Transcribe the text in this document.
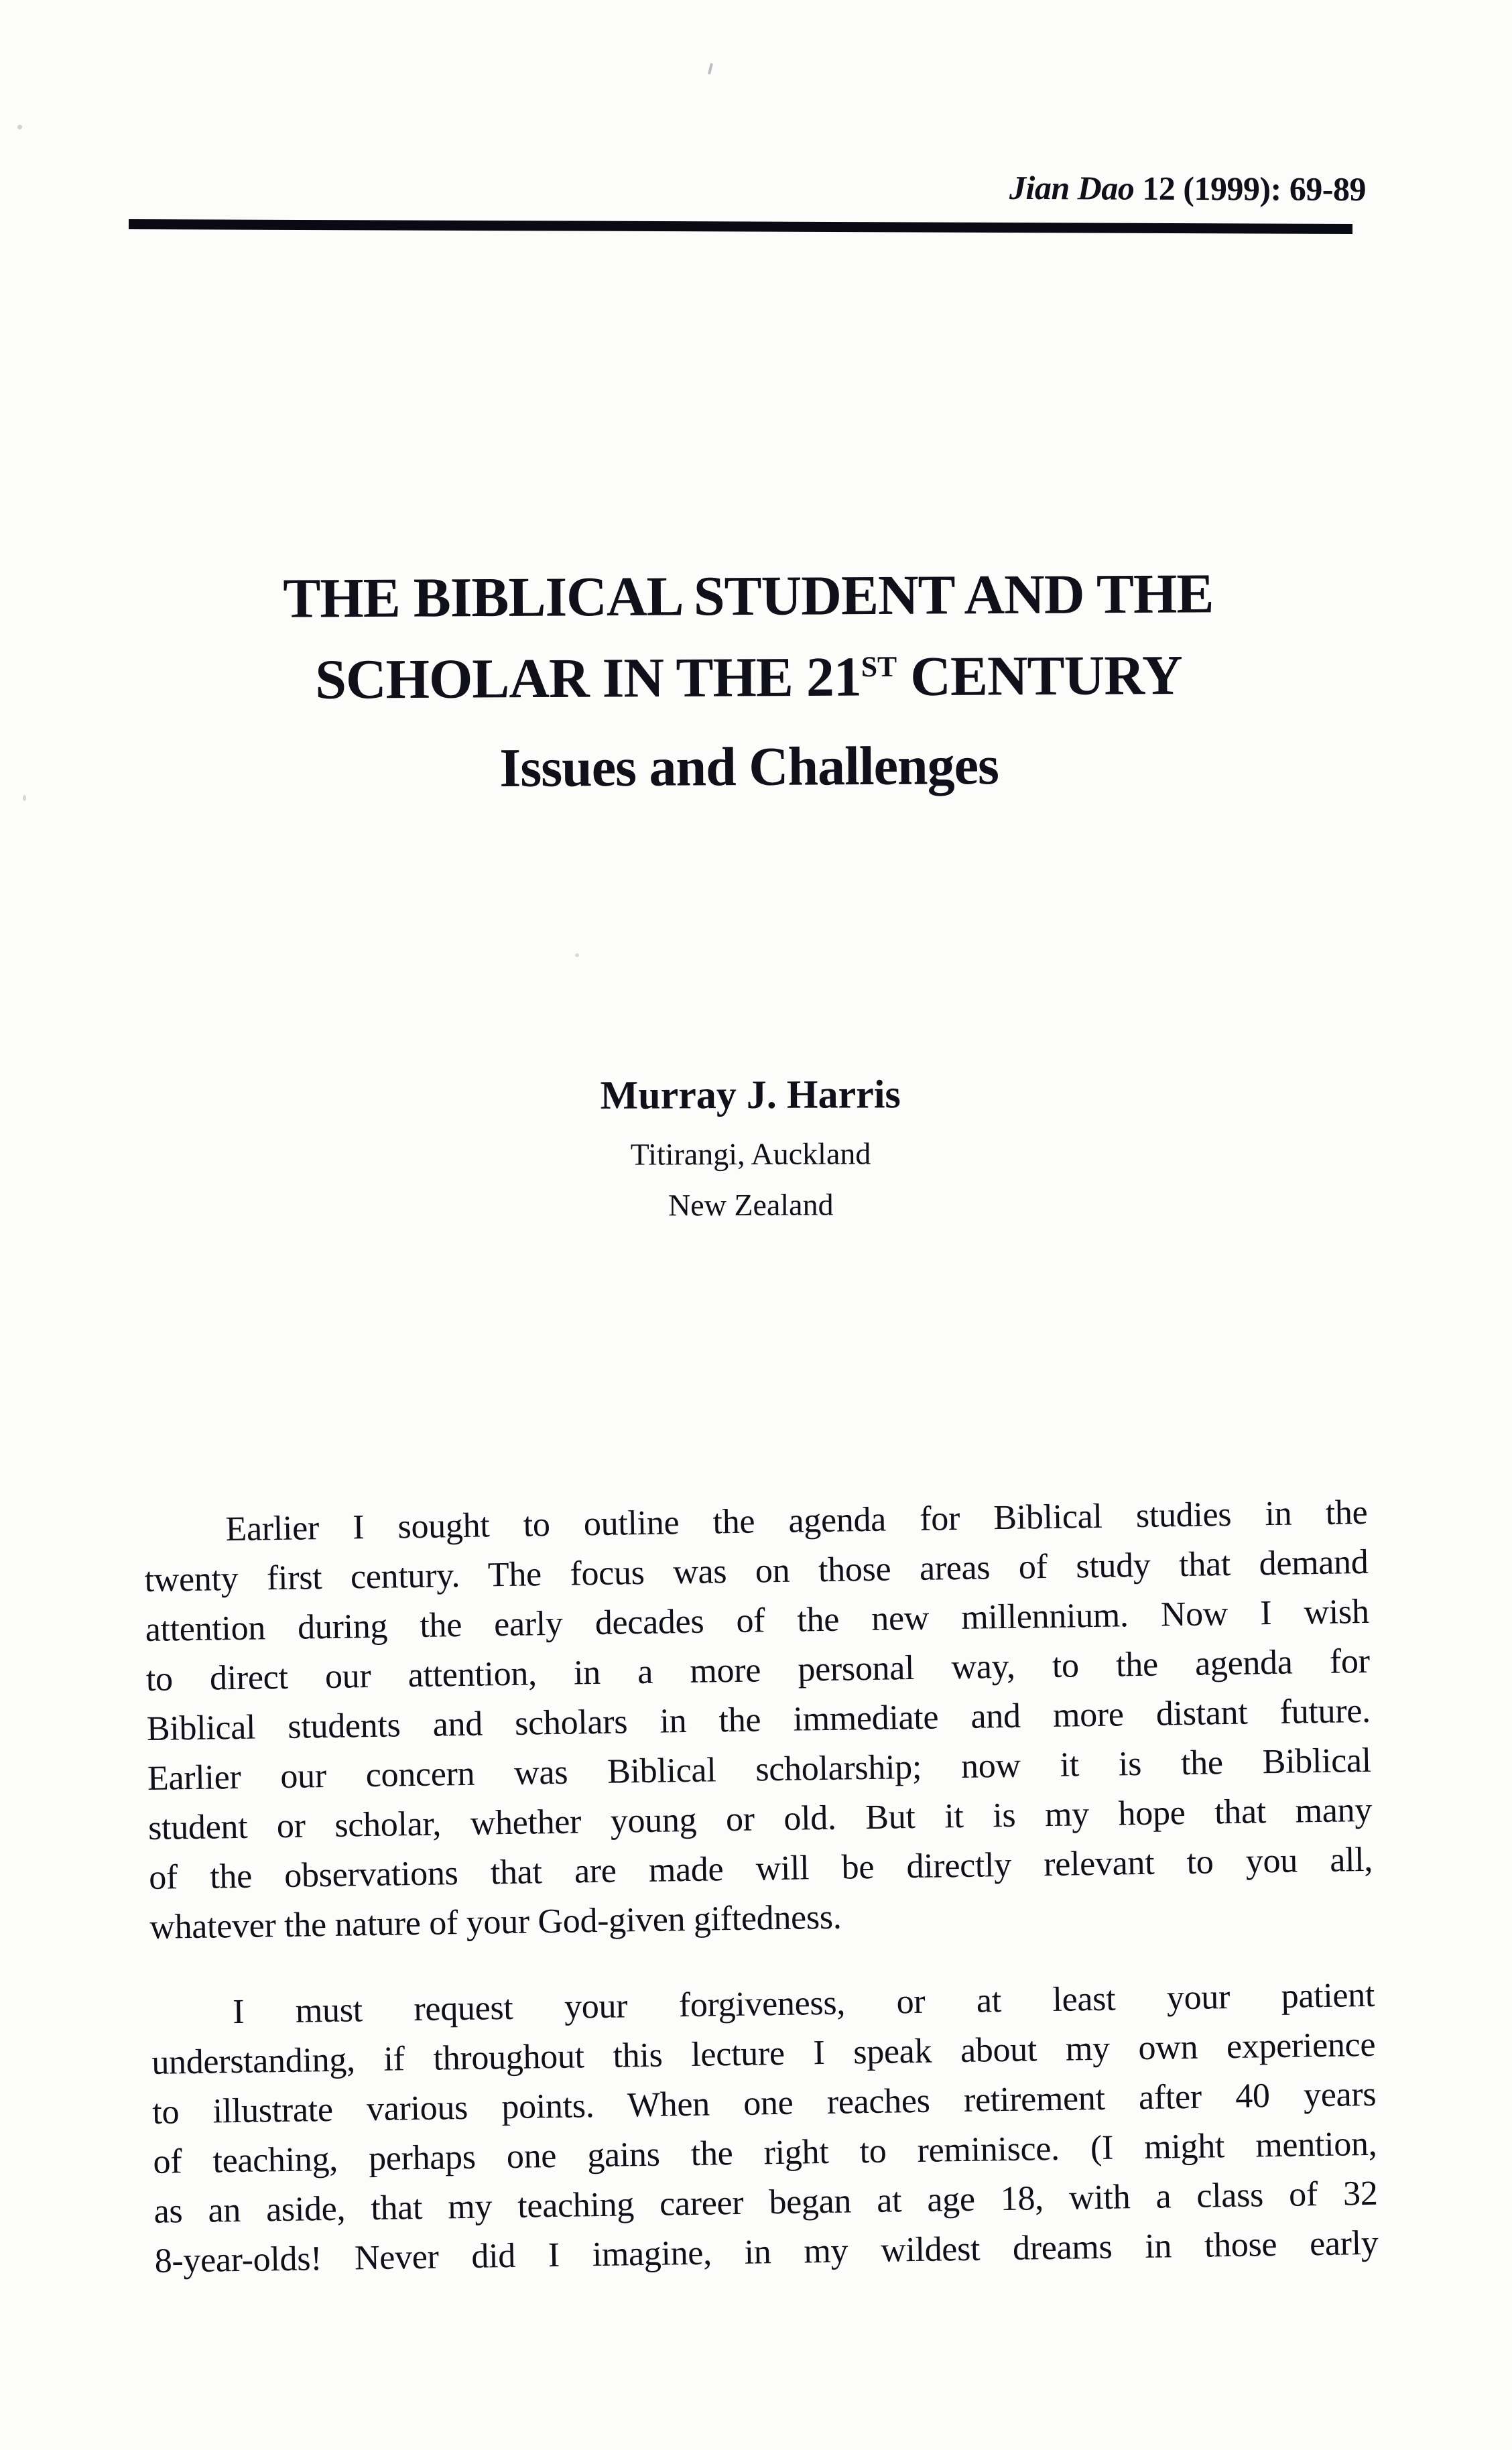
Jian Dao 12 (1999): 69-89
THE BIBLICAL STUDENT AND THE
SCHOLAR IN THE 21ST CENTURY
Issues and Challenges
Murray J. Harris
Titirangi, Auckland
New Zealand
Earlier I sought to outline the agenda for Biblical studies in the
twenty first century. The focus was on those areas of study that demand
attention during the early decades of the new millennium. Now I wish
to direct our attention, in a more personal way, to the agenda for
Biblical students and scholars in the immediate and more distant future.
Earlier our concern was Biblical scholarship; now it is the Biblical
student or scholar, whether young or old. But it is my hope that many
of the observations that are made will be directly relevant to you all,
whatever the nature of your God-given giftedness.
I must request your forgiveness, or at least your patient
understanding, if throughout this lecture I speak about my own experience
to illustrate various points. When one reaches retirement after 40 years
of teaching, perhaps one gains the right to reminisce. (I might mention,
as an aside, that my teaching career began at age 18, with a class of 32
8-year-olds! Never did I imagine, in my wildest dreams in those early
